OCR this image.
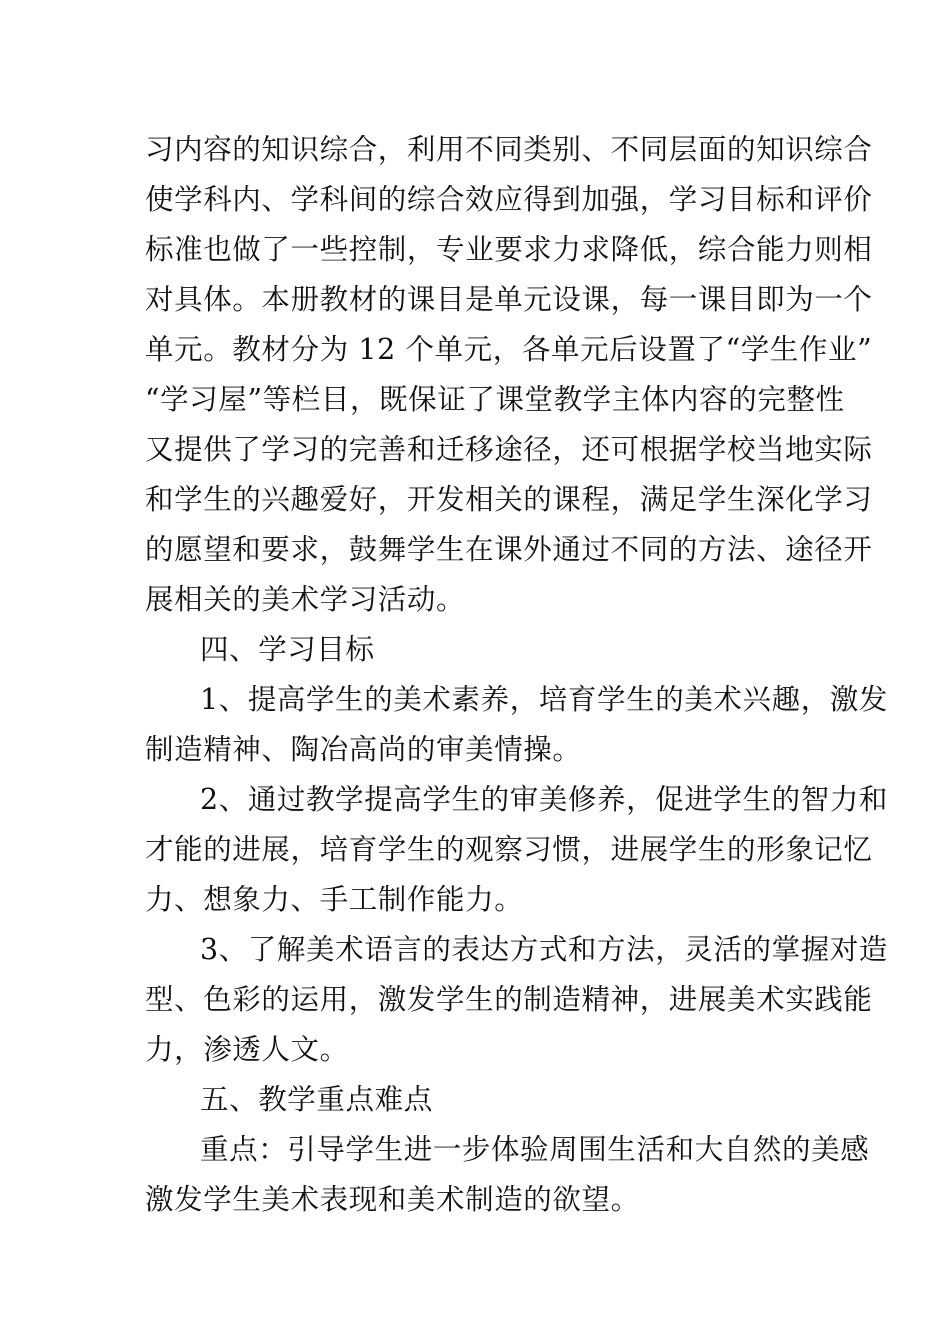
习内容的知识综合，利用不同类别、不同层面的知识综合
使学科内、学科间的综合效应得到加强，学习目标和评价
标准也做了一些控制，专业要求力求降低，综合能力则相
对具体。本册教材的课目是单元设课，每一课目即为一个
单元。教材分为 12 个单元，各单元后设置了“学生作业”
“学习屋”等栏目，既保证了课堂教学主体内容的完整性
又提供了学习的完善和迁移途径，还可根据学校当地实际
和学生的兴趣爱好，开发相关的课程，满足学生深化学习
的愿望和要求，鼓舞学生在课外通过不同的方法、途径开
展相关的美术学习活动。
四、学习目标
1、提高学生的美术素养，培育学生的美术兴趣，激发
制造精神、陶冶高尚的审美情操。
2、通过教学提高学生的审美修养，促进学生的智力和
才能的进展，培育学生的观察习惯，进展学生的形象记忆
力、想象力、手工制作能力。
3、了解美术语言的表达方式和方法，灵活的掌握对造
型、色彩的运用，激发学生的制造精神，进展美术实践能
力，渗透人文。
五、教学重点难点
重点：引导学生进一步体验周围生活和大自然的美感
激发学生美术表现和美术制造的欲望。
